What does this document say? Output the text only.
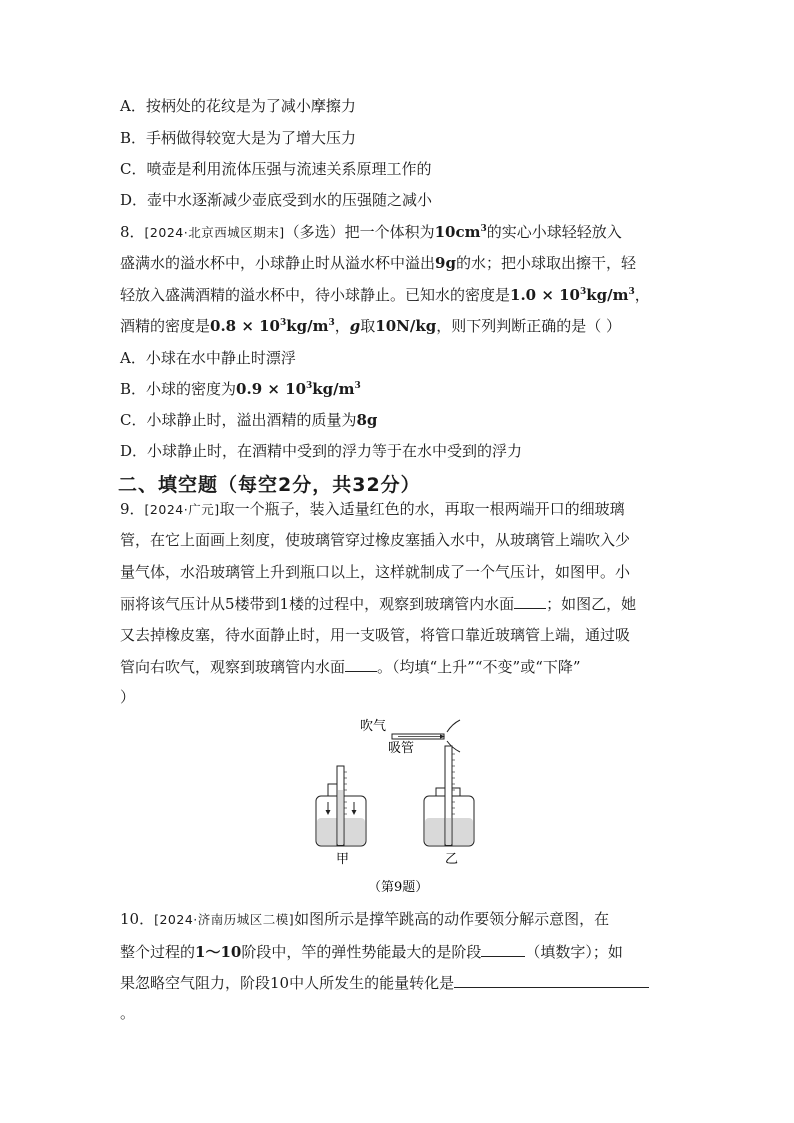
A．按柄处的花纹是为了减小摩擦力
B．手柄做得较宽大是为了增大压力
C．喷壶是利用流体压强与流速关系原理工作的
D．壶中水逐渐减少壶底受到水的压强随之减小
8．[2024·北京西城区期末]（多选）把一个体积为$10cm^3$的实心小球轻轻放入
盛满水的溢水杯中，小球静止时从溢水杯中溢出9g的水；把小球取出擦干，轻
轻放入盛满酒精的溢水杯中，待小球静止。已知水的密度是$1.0 \times 10^3kg/m^3$，
酒精的密度是$0.8 \times 10^3kg/m^3$，g取10N/kg，则下列判断正确的是（ ）
A．小球在水中静止时漂浮
B．小球的密度为$0.9 \times 10^3kg/m^3$
C．小球静止时，溢出酒精的质量为8g
D．小球静止时，在酒精中受到的浮力等于在水中受到的浮力
二、填空题（每空2分，共32分）
9．[2024·广元]取一个瓶子，装入适量红色的水，再取一根两端开口的细玻璃
管，在它上面画上刻度，使玻璃管穿过橡皮塞插入水中，从玻璃管上端吹入少
量气体，水沿玻璃管上升到瓶口以上，这样就制成了一个气压计，如图甲。小
丽将该气压计从5楼带到1楼的过程中，观察到玻璃管内水面 ；如图乙，她
又去掉橡皮塞，待水面静止时，用一支吸管，将管口靠近玻璃管上端，通过吸
管向右吹气，观察到玻璃管内水面 。（均填“上升”“不变”或“下降”
）
吹气
吸管
甲	乙
（第9题）
10．[2024·济南历城区二模]如图所示是撑竿跳高的动作要领分解示意图，在
整个过程的1～10阶段中，竿的弹性势能最大的是阶段	（填数字）；如
果忽略空气阻力，阶段10中人所发生的能量转化是
。
